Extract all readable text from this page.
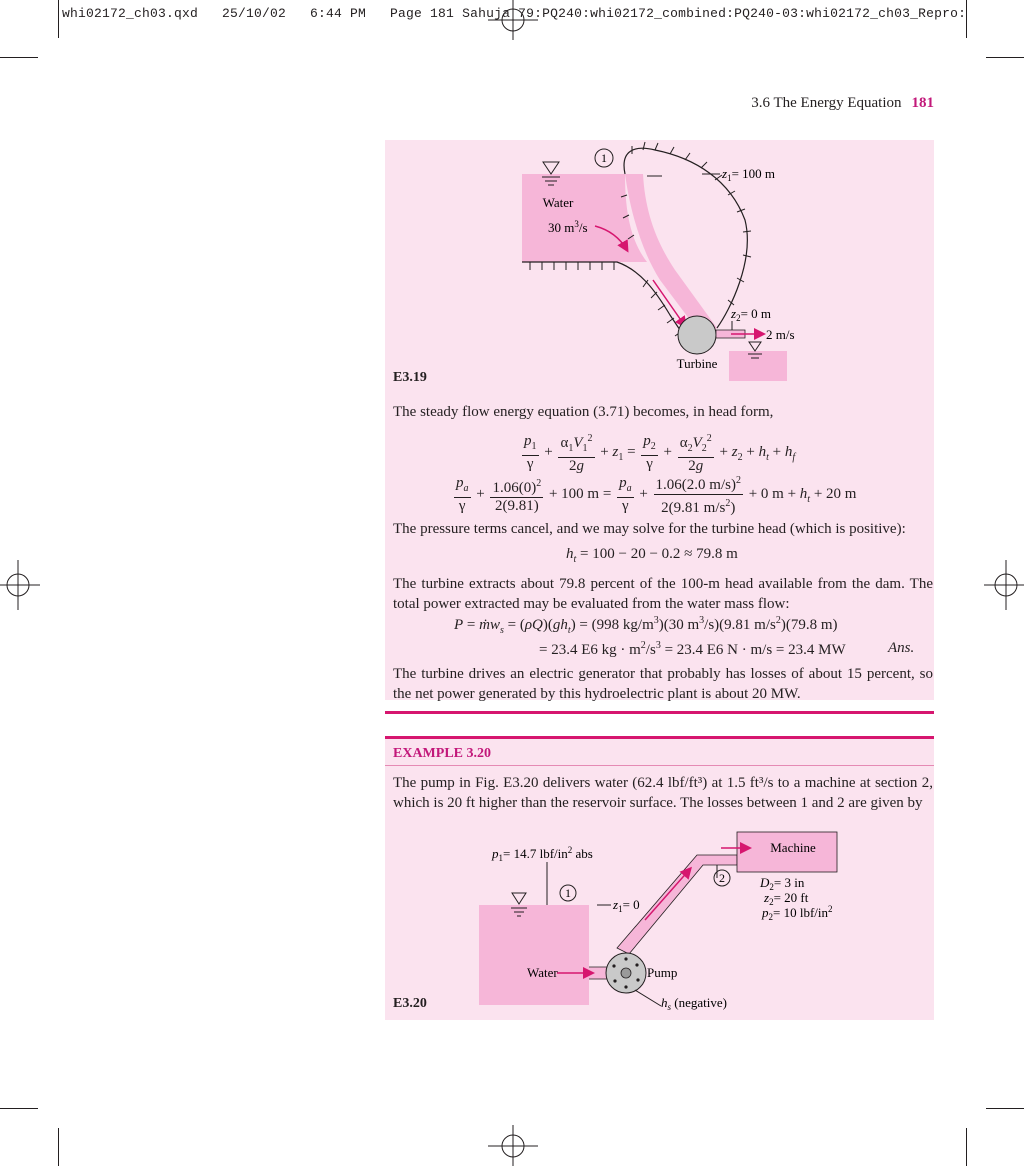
whi02172_ch03.qxd   25/10/02   6:44 PM   Page 181 Sahuja 79:PQ240:whi02172_combined:PQ240-03:whi02172_ch03_Repro:
3.6 The Energy Equation 181
1
$z_1= 100$ m
Water
30 $m^3/s$
$z_2= 0$ m
2 m/s
Turbine
E3.19
The steady flow energy equation (3.71) becomes, in head form,
$\frac{p_1}{\gamma} + \frac{\alpha_1V_1^2}{2g} + z_1 = \frac{p_2}{\gamma} + \frac{\alpha_2V_2^2}{2g} + z_2 + h_t + h_f$
$\frac{p_a}{\gamma} + \frac{1.06(0)^2}{2(9.81)} + 100$ $m = \frac{p_a}{\gamma} + \frac{1.06(2.0 m/s)^2}{2(9.81 m/s^2)} + 0$ $m + h_t + 20$ m
The pressure terms cancel, and we may solve for the turbine head (which is positive):
$h_t = 100 - 20 - 0.2 \approx 79.8$ m
The turbine extracts about 79.8 percent of the 100-m head available from the dam. The total power extracted may be evaluated from the water mass flow:
P = ṁw$_s$ = $(\rho Q)(gh_t) = (998$ $kg/m^3)(30$ $m^3/s)(9.81$ $m/s^2)(79.8$ m)
= 23.4 E6 kg · $m^2/s^3 = 23.4$ E6 N · m/s = 23.4 MW	Ans.
The turbine drives an electric generator that probably has losses of about 15 percent, so the net power generated by this hydroelectric plant is about 20 MW.
EXAMPLE 3.20
The pump in Fig. E3.20 delivers water (62.4 lbf/ft³) at 1.5 ft³/s to a machine at section 2, which is 20 ft higher than the reservoir surface. The losses between 1 and 2 are given by
Machine
Pump
Water
1
2
$p_1= 14.7$ lbf/$in^2$ abs
$z_1= 0$
$D_2= 3$ in
$z_2= 20$ ft
$p_2= 10$ lbf/$in^2$
$h_s$ (negative)
E3.20
